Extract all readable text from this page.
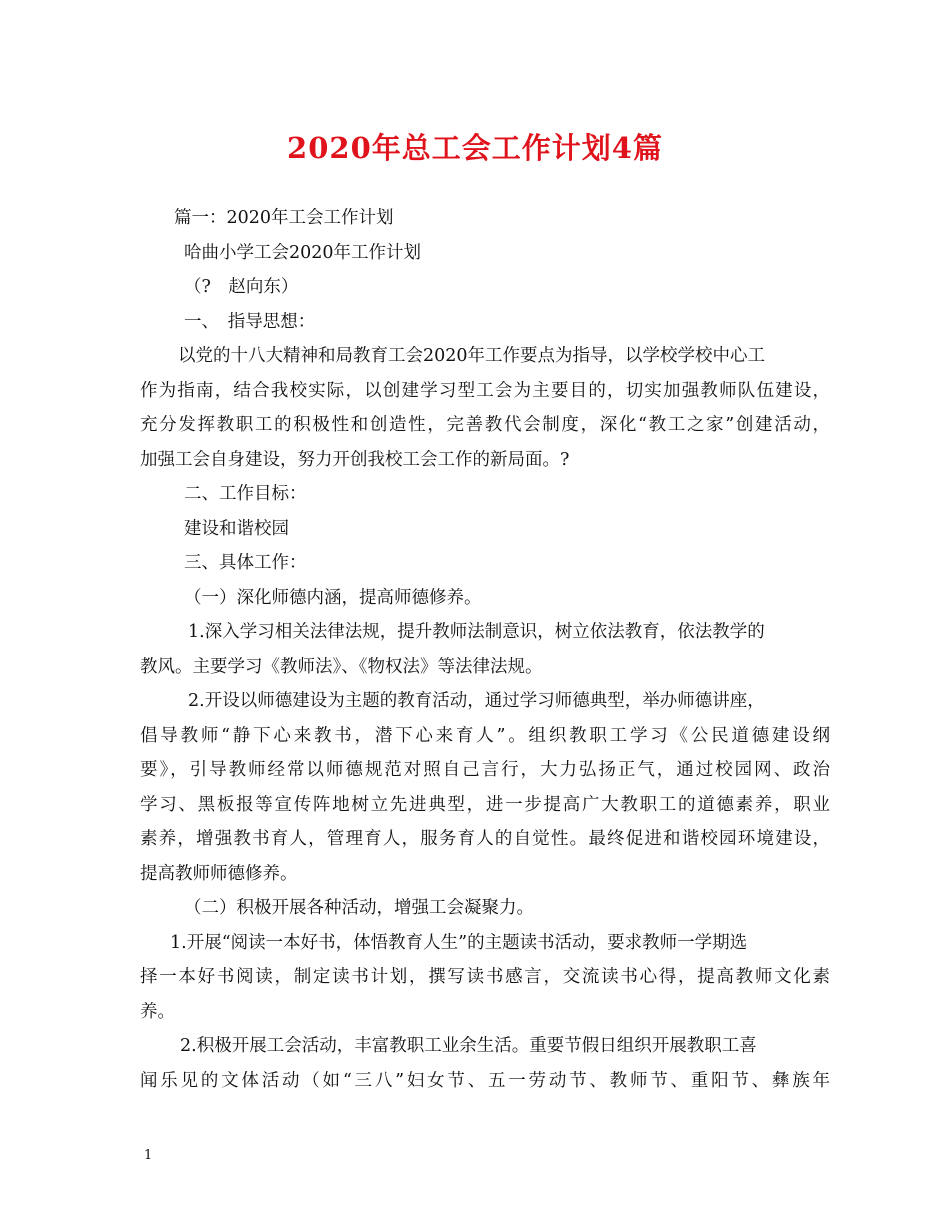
2020年总工会工作计划4篇
篇一：2020年工会工作计划
哈曲小学工会2020年工作计划
（?　赵向东）
一、　指导思想：
以党的十八大精神和局教育工会2020年工作要点为指导，以学校学校中心工
作为指南，结合我校实际，以创建学习型工会为主要目的，切实加强教师队伍建设，
充分发挥教职工的积极性和创造性，完善教代会制度，深化“教工之家”创建活动，
加强工会自身建设，努力开创我校工会工作的新局面。?
二、工作目标：
建设和谐校园
三、具体工作：
（一）深化师德内涵，提高师德修养。
1.深入学习相关法律法规，提升教师法制意识，树立依法教育，依法教学的
教风。主要学习《教师法》、《物权法》等法律法规。
2.开设以师德建设为主题的教育活动，通过学习师德典型，举办师德讲座，
倡导教师“静下心来教书，潜下心来育人”。组织教职工学习《公民道德建设纲
要》，引导教师经常以师德规范对照自己言行，大力弘扬正气，通过校园网、政治
学习、黑板报等宣传阵地树立先进典型，进一步提高广大教职工的道德素养，职业
素养，增强教书育人，管理育人，服务育人的自觉性。最终促进和谐校园环境建设，
提高教师师德修养。
（二）积极开展各种活动，增强工会凝聚力。
1.开展“阅读一本好书，体悟教育人生”的主题读书活动，要求教师一学期选
择一本好书阅读，制定读书计划，撰写读书感言，交流读书心得，提高教师文化素
养。
2.积极开展工会活动，丰富教职工业余生活。重要节假日组织开展教职工喜
闻乐见的文体活动（如“三八”妇女节、五一劳动节、教师节、重阳节、彝族年
1
